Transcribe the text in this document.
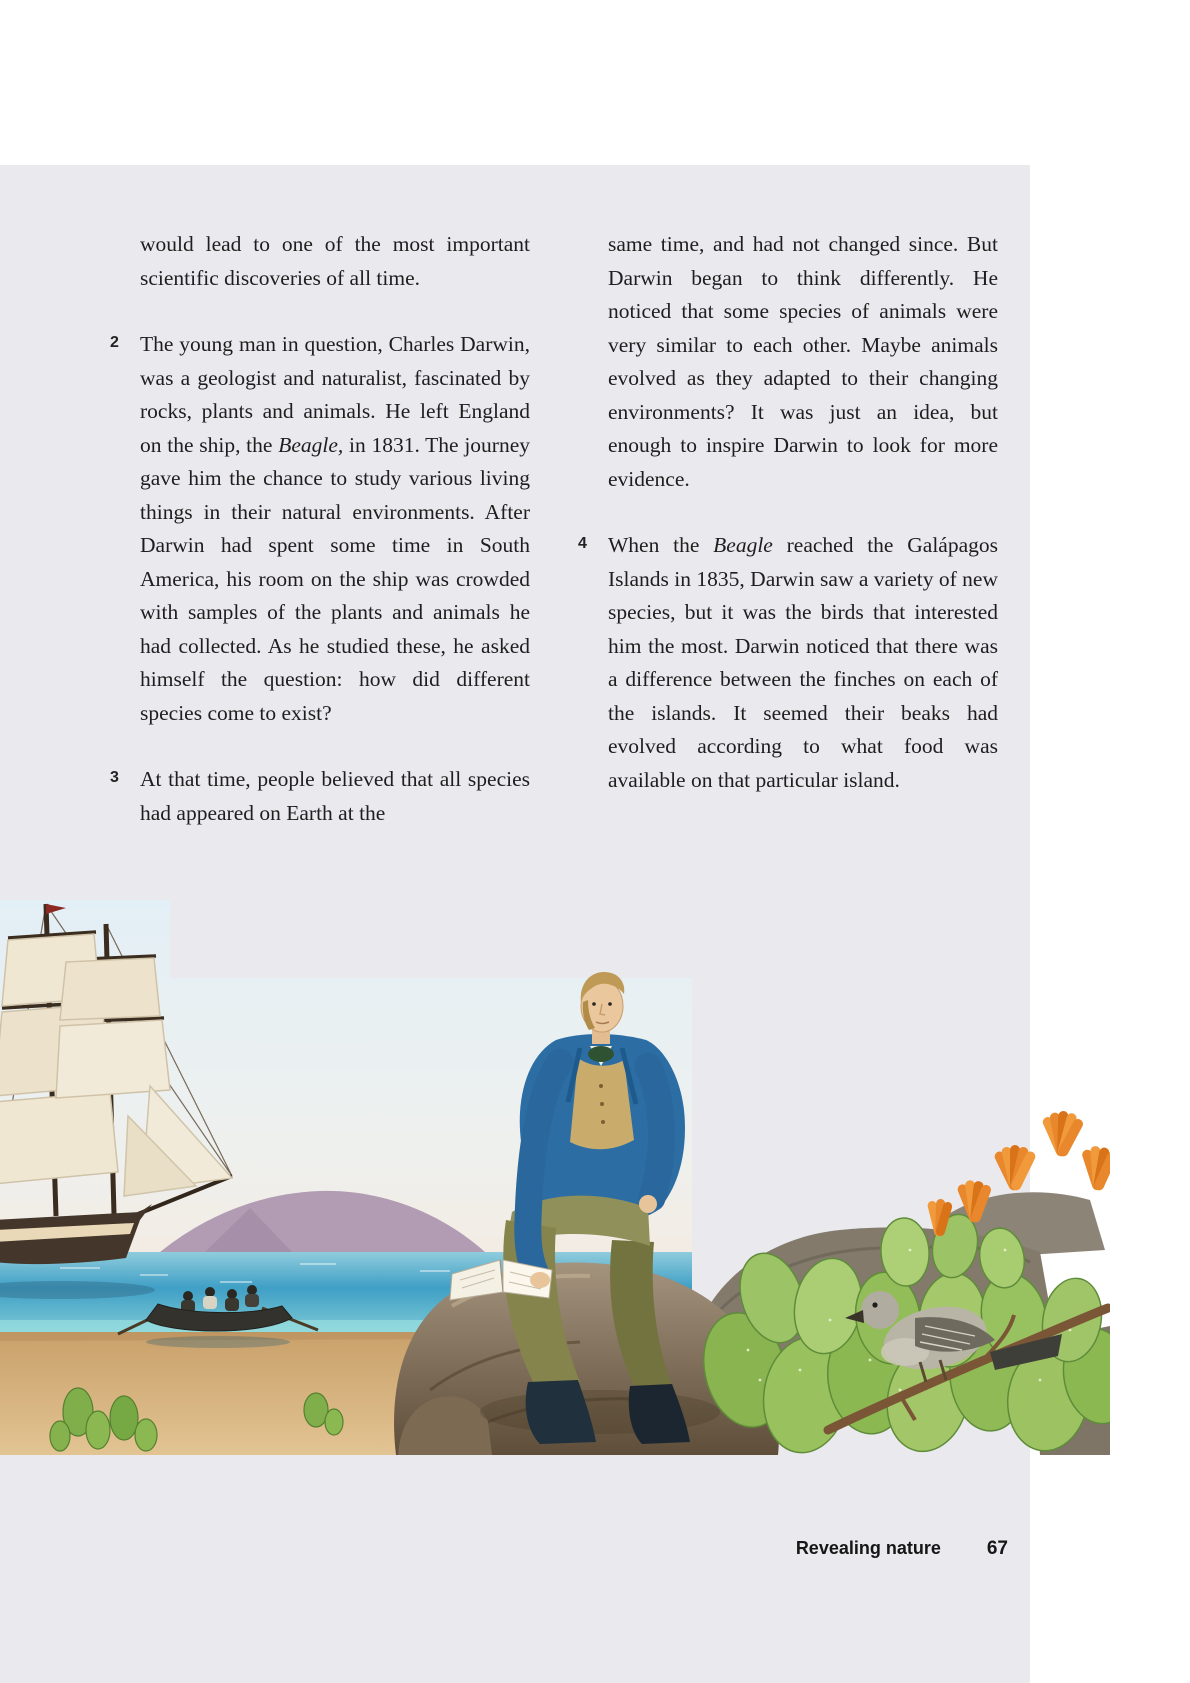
would lead to one of the most important scientific discoveries of all time.

2 The young man in question, Charles Darwin, was a geologist and naturalist, fascinated by rocks, plants and animals. He left England on the ship, the Beagle, in 1831. The journey gave him the chance to study various living things in their natural environments. After Darwin had spent some time in South America, his room on the ship was crowded with samples of the plants and animals he had collected. As he studied these, he asked himself the question: how did different species come to exist?

3 At that time, people believed that all species had appeared on Earth at the

same time, and had not changed since. But Darwin began to think differently. He noticed that some species of animals were very similar to each other. Maybe animals evolved as they adapted to their changing environments? It was just an idea, but enough to inspire Darwin to look for more evidence.

4 When the Beagle reached the Galápagos Islands in 1835, Darwin saw a variety of new species, but it was the birds that interested him the most. Darwin noticed that there was a difference between the finches on each of the islands. It seemed their beaks had evolved according to what food was available on that particular island.

Revealing nature 67
